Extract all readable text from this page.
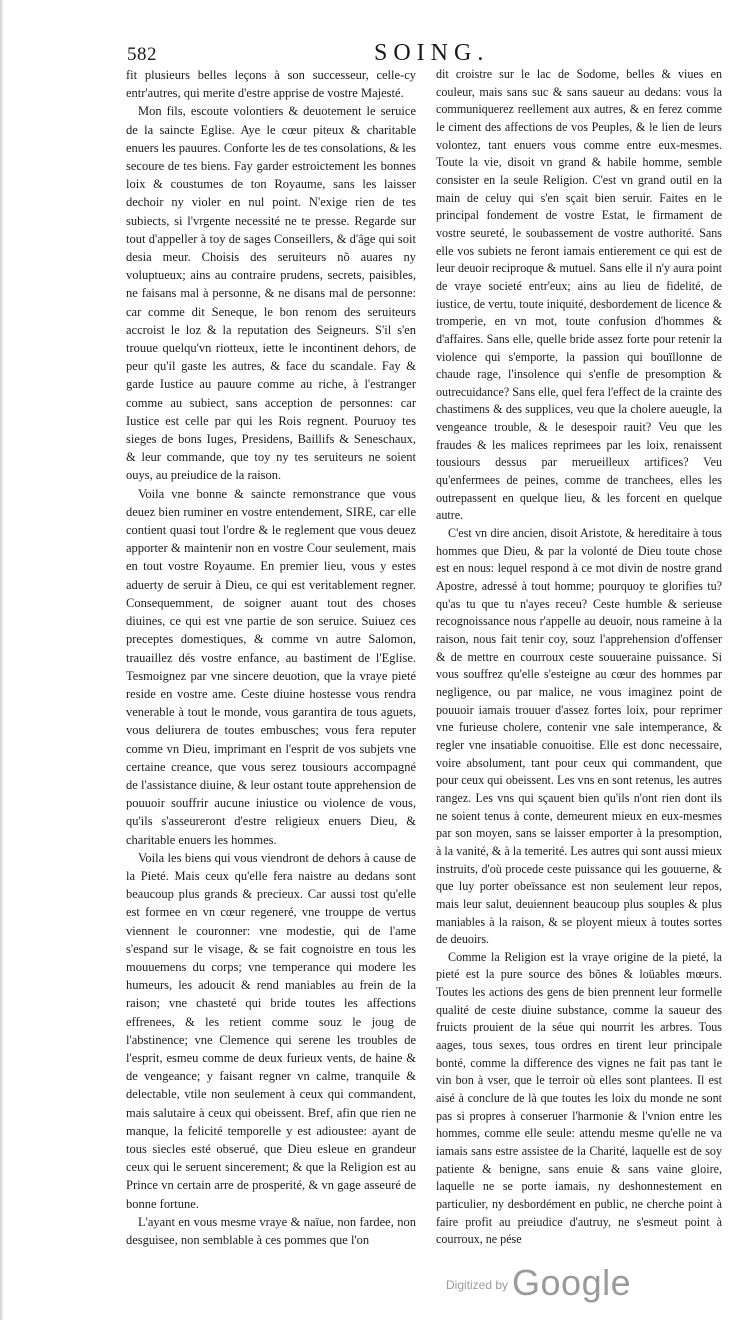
582	SOING.

fit plusieurs belles leçons à son successeur, celle-cy entr'autres, qui merite d'estre apprise de vostre Majesté.

Mon fils, escoute volontiers & deuotement le seruice de la saincte Eglise. Aye le cœur piteux & charitable enuers les pauures. Conforte les de tes consolations, & les secoure de tes biens. Fay garder estroictement les bonnes loix & coustumes de ton Royaume, sans les laisser dechoir ny violer en nul point. N'exige rien de tes subiects, si l'vrgente necessité ne te presse. Regarde sur tout d'appeller à toy de sages Conseillers, & d'âge qui soit desia meur. Choisis des seruiteurs nõ auares ny voluptueux; ains au contraire prudens, secrets, paisibles, ne faisans mal à personne, & ne disans mal de personne: car comme dit Seneque, le bon renom des seruiteurs accroist le loz & la reputation des Seigneurs. S'il s'en trouue quelqu'vn riotteux, iette le incontinent dehors, de peur qu'il gaste les autres, & face du scandale. Fay & garde Iustice au pauure comme au riche, à l'estranger comme au subiect, sans acception de personnes: car Iustice est celle par qui les Rois regnent. Pouruoy tes sieges de bons Iuges, Presidens, Baillifs & Seneschaux, & leur commande, que toy ny tes seruiteurs ne soient ouys, au preiudice de la raison.

Voila vne bonne & saincte remonstrance que vous deuez bien ruminer en vostre entendement, SIRE, car elle contient quasi tout l'ordre & le reglement que vous deuez apporter & maintenir non en vostre Cour seulement, mais en tout vostre Royaume. En premier lieu, vous y estes aduerty de seruir à Dieu, ce qui est veritablement regner. Consequemment, de soigner auant tout des choses diuines, ce qui est vne partie de son seruice. Suiuez ces preceptes domestiques, & comme vn autre Salomon, trauaillez dés vostre enfance, au bastiment de l'Eglise. Tesmoignez par vne sincere deuotion, que la vraye pieté reside en vostre ame. Ceste diuine hostesse vous rendra venerable à tout le monde, vous garantira de tous aguets, vous deliurera de toutes embusches; vous fera reputer comme vn Dieu, imprimant en l'esprit de vos subjets vne certaine creance, que vous serez tousiours accompagné de l'assistance diuine, & leur ostant toute apprehension de pouuoir souffrir aucune iniustice ou violence de vous, qu'ils s'asseureront d'estre religieux enuers Dieu, & charitable enuers les hommes.

Voila les biens qui vous viendront de dehors à cause de la Pieté. Mais ceux qu'elle fera naistre au dedans sont beaucoup plus grands & precieux. Car aussi tost qu'elle est formee en vn cœur regeneré, vne trouppe de vertus viennent le couronner: vne modestie, qui de l'ame s'espand sur le visage, & se fait cognoistre en tous les mouuemens du corps; vne temperance qui modere les humeurs, les adoucit & rend maniables au frein de la raison; vne chasteté qui bride toutes les affections effrenees, & les retient comme souz le joug de l'abstinence; vne Clemence qui serene les troubles de l'esprit, esmeu comme de deux furieux vents, de haine & de vengeance; y faisant regner vn calme, tranquile & delectable, vtile non seulement à ceux qui commandent, mais salutaire à ceux qui obeissent. Bref, afin que rien ne manque, la felicité temporelle y est adioustee: ayant de tous siecles esté obserué, que Dieu esleue en grandeur ceux qui le seruent sincerement; & que la Religion est au Prince vn certain arre de prosperité, & vn gage asseuré de bonne fortune.

L'ayant en vous mesme vraye & naïue, non fardee, non desguisee, non semblable à ces pommes que l'on

dit croistre sur le lac de Sodome, belles & viues en couleur, mais sans suc & sans saueur au dedans: vous la communiquerez reellement aux autres, & en ferez comme le ciment des affections de vos Peuples, & le lien de leurs volontez, tant enuers vous comme entre eux-mesmes. Toute la vie, disoit vn grand & habile homme, semble consister en la seule Religion. C'est vn grand outil en la main de celuy qui s'en sçait bien seruir. Faites en le principal fondement de vostre Estat, le firmament de vostre seureté, le soubassement de vostre authorité. Sans elle vos subiets ne feront iamais entierement ce qui est de leur deuoir reciproque & mutuel. Sans elle il n'y aura point de vraye societé entr'eux; ains au lieu de fidelité, de iustice, de vertu, toute iniquité, desbordement de licence & tromperie, en vn mot, toute confusion d'hommes & d'affaires. Sans elle, quelle bride assez forte pour retenir la violence qui s'emporte, la passion qui bouïllonne de chaude rage, l'insolence qui s'enfle de presomption & outrecuidance? Sans elle, quel fera l'effect de la crainte des chastimens & des supplices, veu que la cholere aueugle, la vengeance trouble, & le desespoir rauit? Veu que les fraudes & les malices reprimees par les loix, renaissent tousiours dessus par merueilleux artifices? Veu qu'enfermees de peines, comme de tranchees, elles les outrepassent en quelque lieu, & les forcent en quelque autre.

C'est vn dire ancien, disoit Aristote, & hereditaire à tous hommes que Dieu, & par la volonté de Dieu toute chose est en nous: lequel respond à ce mot divin de nostre grand Apostre, adressé à tout homme; pourquoy te glorifies tu? qu'as tu que tu n'ayes receu? Ceste humble & serieuse recognoissance nous r'appelle au deuoir, nous rameine à la raison, nous fait tenir coy, souz l'apprehension d'offenser & de mettre en courroux ceste souueraine puissance. Si vous souffrez qu'elle s'esteigne au cœur des hommes par negligence, ou par malice, ne vous imaginez point de pouuoir iamais trouuer d'assez fortes loix, pour reprimer vne furieuse cholere, contenir vne sale intemperance, & regler vne insatiable conuoitise. Elle est donc necessaire, voire absolument, tant pour ceux qui commandent, que pour ceux qui obeissent. Les vns en sont retenus, les autres rangez. Les vns qui sçauent bien qu'ils n'ont rien dont ils ne soient tenus à conte, demeurent mieux en eux-mesmes par son moyen, sans se laisser emporter à la presomption, à la vanité, & à la temerité. Les autres qui sont aussi mieux instruits, d'où procede ceste puissance qui les gouuerne, & que luy porter obeïssance est non seulement leur repos, mais leur salut, deuiennent beaucoup plus souples & plus maniables à la raison, & se ployent mieux à toutes sortes de deuoirs.

Comme la Religion est la vraye origine de la pieté, la pieté est la pure source des bõnes & loüables mœurs. Toutes les actions des gens de bien prennent leur formelle qualité de ceste diuine substance, comme la saueur des fruicts prouient de la séue qui nourrit les arbres. Tous aages, tous sexes, tous ordres en tirent leur principale bonté, comme la difference des vignes ne fait pas tant le vin bon à vser, que le terroir où elles sont plantees. Il est aisé à conclure de là que toutes les loix du monde ne sont pas si propres à conseruer l'harmonie & l'vnion entre les hommes, comme elle seule: attendu mesme qu'elle ne va iamais sans estre assistee de la Charité, laquelle est de soy patiente & benigne, sans enuie & sans vaine gloire, laquelle ne se porte iamais, ny deshonnestement en particulier, ny desbordément en public, ne cherche point à faire profit au preiudice d'autruy, ne s'esmeut point à courroux, ne pése

$^{Digitized by}$ Google
